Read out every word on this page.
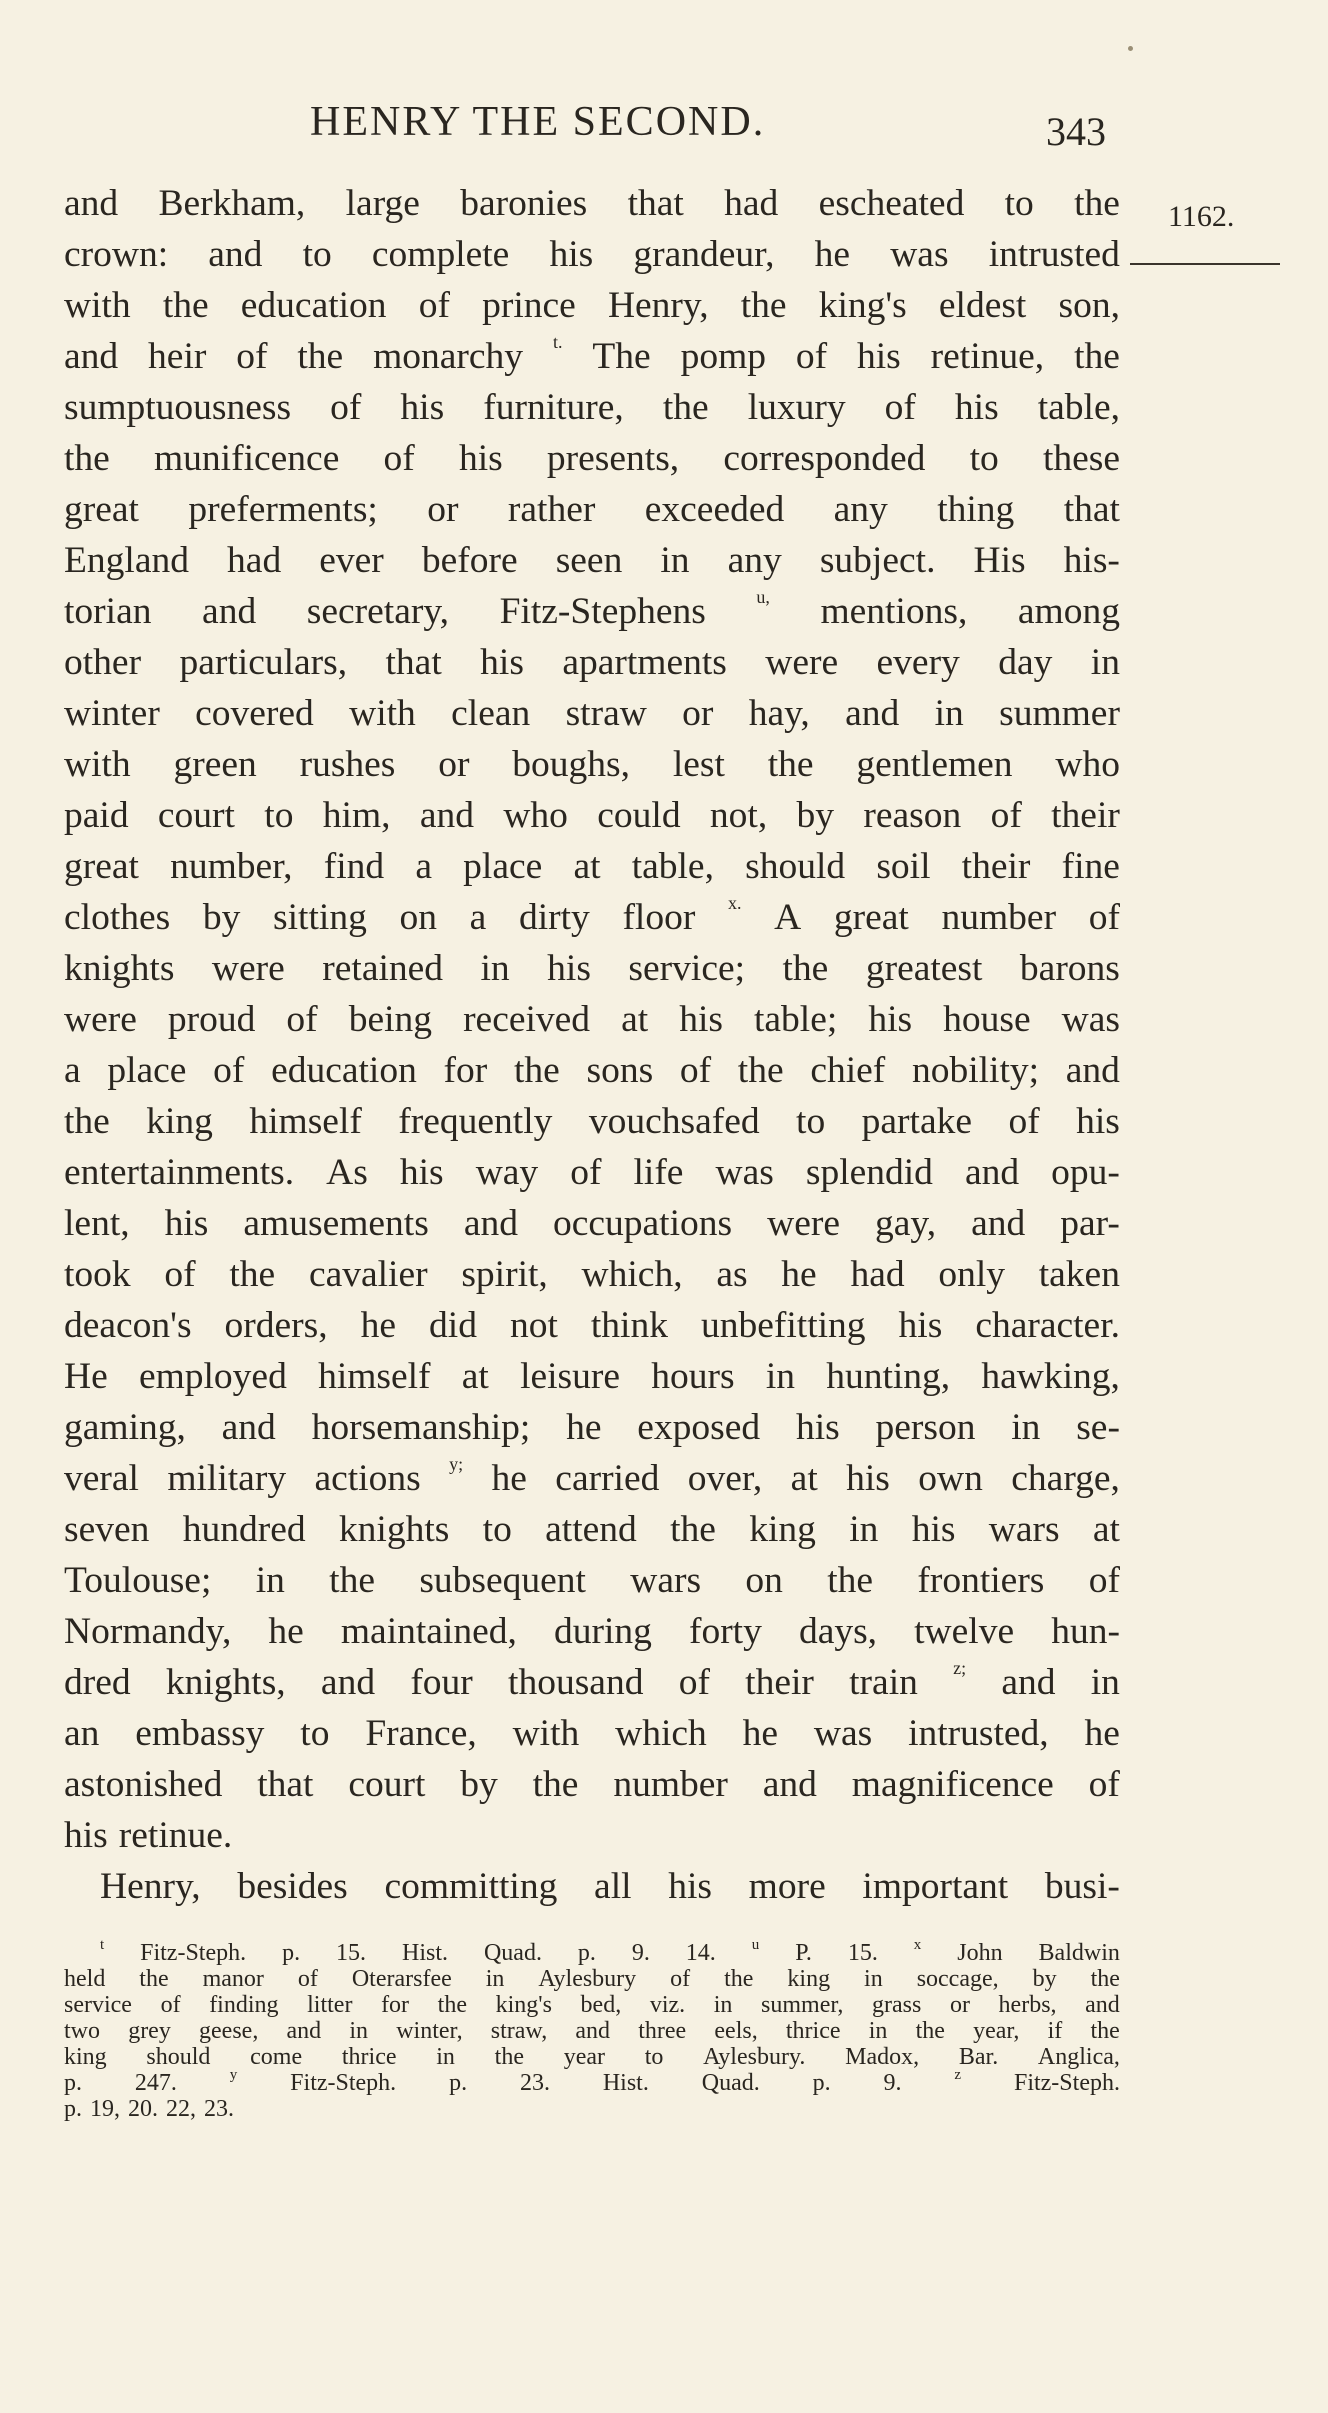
HENRY THE SECOND.	343
1162.
and Berkham, large baronies that had escheated to the
crown: and to complete his grandeur, he was intrusted
with the education of prince Henry, the king's eldest son,
and heir of the monarchy t. The pomp of his retinue, the
sumptuousness of his furniture, the luxury of his table,
the munificence of his presents, corresponded to these
great preferments; or rather exceeded any thing that
England had ever before seen in any subject. His his-
torian and secretary, Fitz-Stephens	u, mentions, among
other particulars, that his apartments were every day in
winter covered with clean straw or hay, and in summer
with green rushes or boughs, lest the gentlemen who
paid court to him, and who could not, by reason of their
great number, find a place at table, should soil their fine
clothes by sitting on a dirty floor x. A great number of
knights were retained in his service; the greatest barons
were proud of being received at his table; his house was
a place of education for the sons of the chief nobility; and
the king himself frequently vouchsafed to partake of his
entertainments. As his way of life was splendid and opu-
lent, his amusements and occupations were gay, and par-
took of the cavalier spirit, which, as he had only taken
deacon's orders, he did not think unbefitting his character.
He employed himself at leisure hours in hunting, hawking,
gaming, and horsemanship; he exposed his person in se-
veral military actions y; he carried over, at his own charge,
seven hundred knights to attend the king in his wars at
Toulouse; in the subsequent wars on the frontiers of
Normandy, he maintained, during forty days, twelve hun-
dred knights, and four thousand of their train z; and in
an embassy to France, with which he was intrusted, he
astonished that court by the number and magnificence of
his retinue.
Henry, besides committing all his more important busi-
t Fitz-Steph. p. 15. Hist. Quad. p. 9. 14. u P. 15. x John Baldwin
held the manor of Oterarsfee in Aylesbury of the king in soccage, by the
service of finding litter for the king's bed, viz. in summer, grass or herbs, and
two grey geese, and in winter, straw, and three eels, thrice in the year, if the
king should come thrice in the year to Aylesbury. Madox, Bar. Anglica,
p. 247.	y Fitz-Steph. p. 23. Hist. Quad. p. 9.	z Fitz-Steph.
p. 19, 20. 22, 23.
